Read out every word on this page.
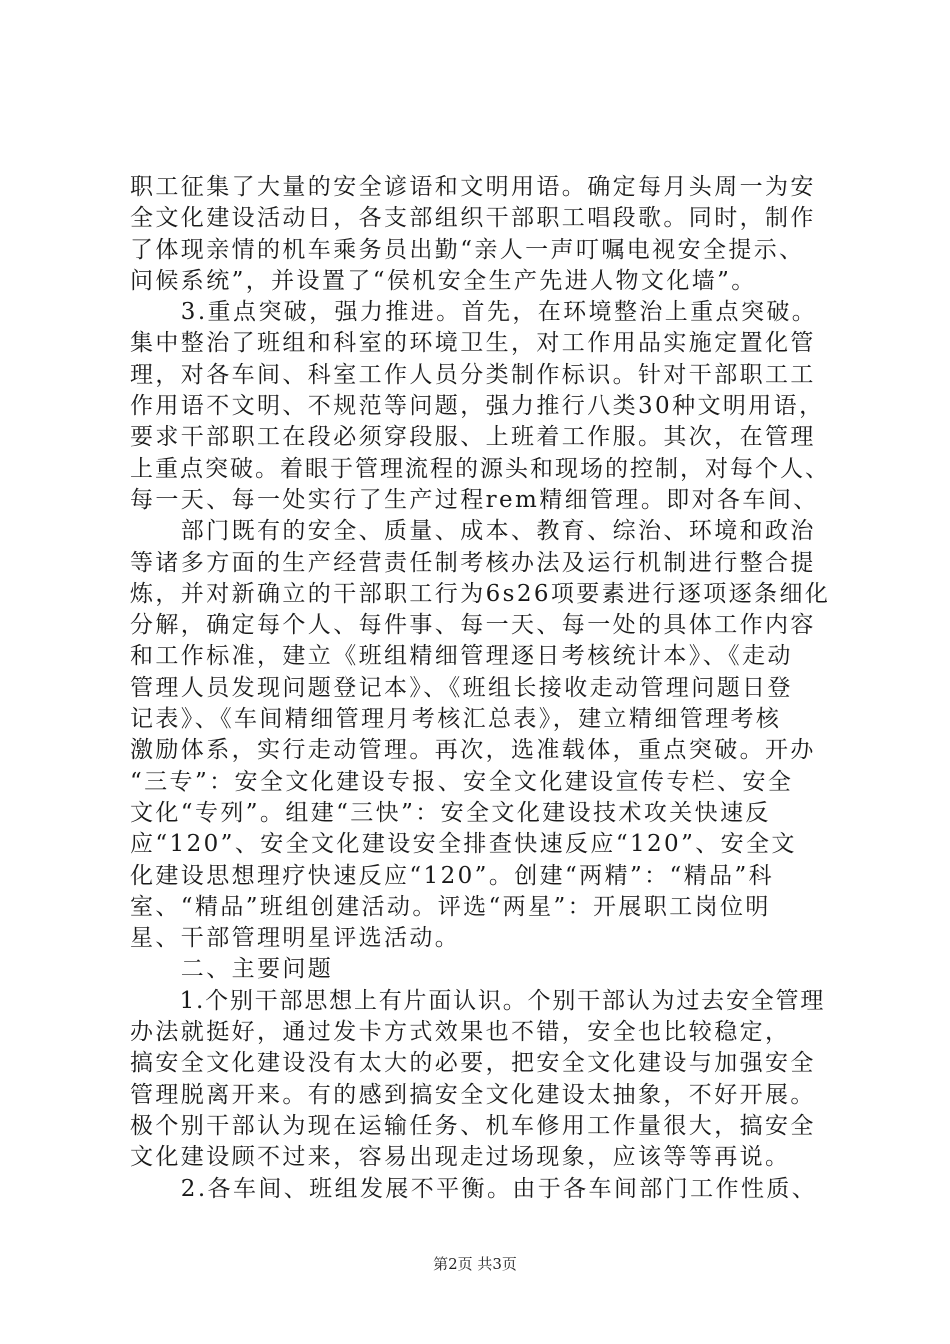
职工征集了大量的安全谚语和文明用语。确定每月头周一为安
全文化建设活动日，各支部组织干部职工唱段歌。同时，制作
了体现亲情的机车乘务员出勤“亲人一声叮嘱电视安全提示、
问候系统”，并设置了“侯机安全生产先进人物文化墙”。
　　3.重点突破，强力推进。首先，在环境整治上重点突破。
集中整治了班组和科室的环境卫生，对工作用品实施定置化管
理，对各车间、科室工作人员分类制作标识。针对干部职工工
作用语不文明、不规范等问题，强力推行八类30种文明用语，
要求干部职工在段必须穿段服、上班着工作服。其次，在管理
上重点突破。着眼于管理流程的源头和现场的控制，对每个人、
每一天、每一处实行了生产过程rem精细管理。即对各车间、
　　部门既有的安全、质量、成本、教育、综治、环境和政治
等诸多方面的生产经营责任制考核办法及运行机制进行整合提
炼，并对新确立的干部职工行为6s26项要素进行逐项逐条细化
分解，确定每个人、每件事、每一天、每一处的具体工作内容
和工作标准，建立《班组精细管理逐日考核统计本》、《走动
管理人员发现问题登记本》、《班组长接收走动管理问题日登
记表》、《车间精细管理月考核汇总表》，建立精细管理考核
激励体系，实行走动管理。再次，选准载体，重点突破。开办
“三专”：安全文化建设专报、安全文化建设宣传专栏、安全
文化“专列”。组建“三快”：安全文化建设技术攻关快速反
应“120”、安全文化建设安全排查快速反应“120”、安全文
化建设思想理疗快速反应“120”。创建“两精”：“精品”科
室、“精品”班组创建活动。评选“两星”：开展职工岗位明
星、干部管理明星评选活动。
　　二、主要问题
　　1.个别干部思想上有片面认识。个别干部认为过去安全管理
办法就挺好，通过发卡方式效果也不错，安全也比较稳定，
搞安全文化建设没有太大的必要，把安全文化建设与加强安全
管理脱离开来。有的感到搞安全文化建设太抽象，不好开展。
极个别干部认为现在运输任务、机车修用工作量很大，搞安全
文化建设顾不过来，容易出现走过场现象，应该等等再说。
　　2.各车间、班组发展不平衡。由于各车间部门工作性质、
第2页 共3页
